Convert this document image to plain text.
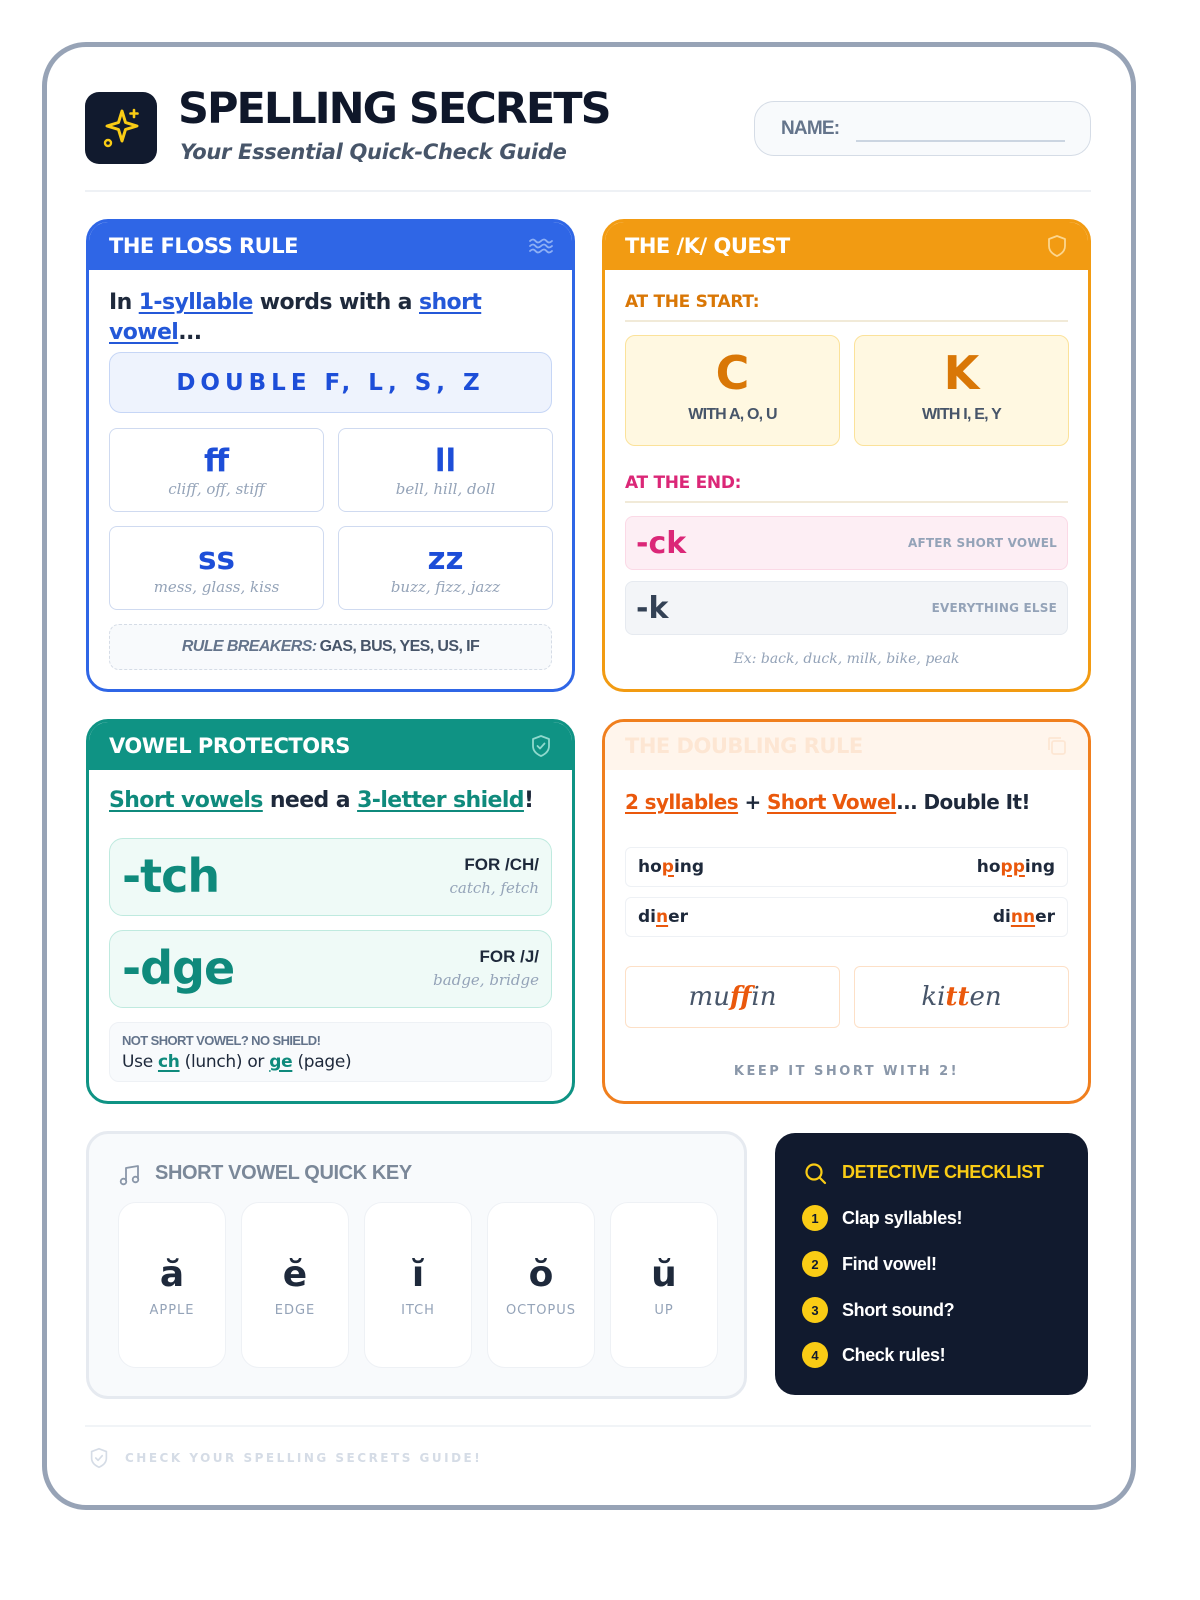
SPELLING SECRETS
Your Essential Quick-Check Guide
NAME:
THE FLOSS RULE
In 1-syllable words with a short vowel...
DOUBLE F, L, S, Z
ff
cliff, off, stiff
ll
bell, hill, doll
ss
mess, glass, kiss
zz
buzz, fizz, jazz
RULE BREAKERS: GAS, BUS, YES, US, IF
THE /K/ QUEST
AT THE START:
C
WITH A, O, U
K
WITH I, E, Y
AT THE END:
-ck	AFTER SHORT VOWEL
-k	EVERYTHING ELSE
Ex: back, duck, milk, bike, peak
VOWEL PROTECTORS
Short vowels need a 3-letter shield!
-tch	FOR /CH/
catch, fetch
-dge	FOR /J/
badge, bridge
NOT SHORT VOWEL? NO SHIELD!
Use ch (lunch) or ge (page)
THE DOUBLING RULE
2 syllables + Short Vowel... Double It!
hoping	hopping
diner	dinner
mu ff in	ki tt en
KEEP IT SHORT WITH 2!
SHORT VOWEL QUICK KEY
ă
APPLE
ĕ
EDGE
ĭ
ITCH
ŏ
OCTOPUS
ŭ
UP
DETECTIVE CHECKLIST
1	Clap syllables!
2	Find vowel!
3	Short sound?
4	Check rules!
CHECK YOUR SPELLING SECRETS GUIDE!
